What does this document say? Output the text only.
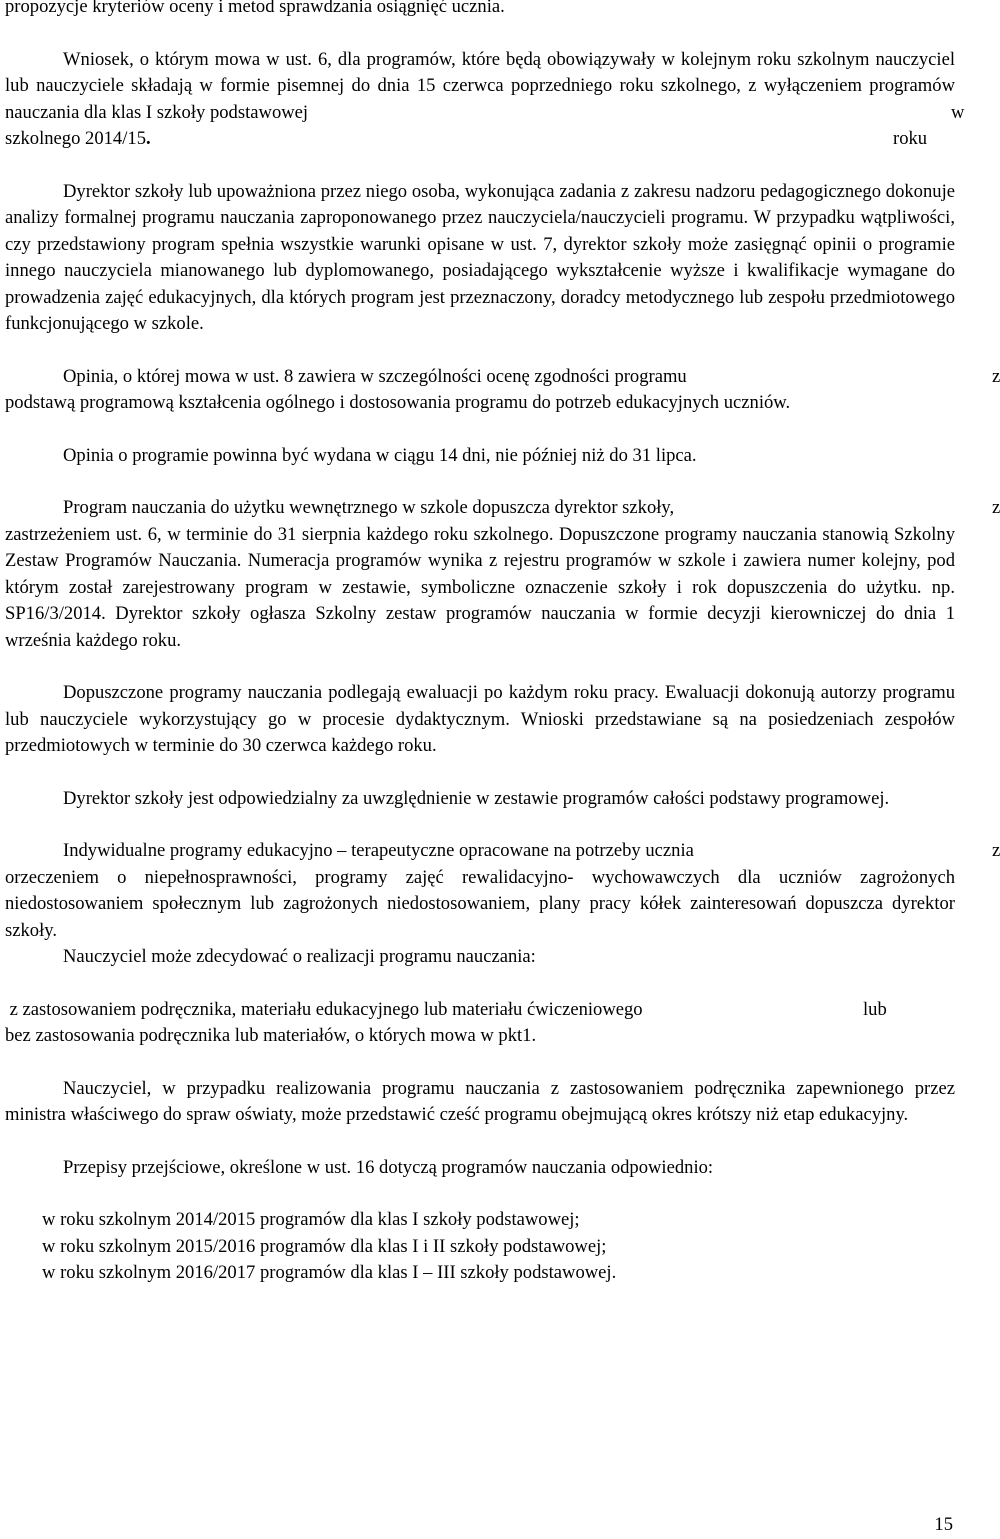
propozycje kryteriów oceny i metod sprawdzania osiągnięć ucznia.

Wniosek, o którym mowa w ust. 6, dla programów, które będą obowiązywały w kolejnym roku szkolnym nauczyciel lub nauczyciele składają w formie pisemnej do dnia 15 czerwca poprzedniego roku szkolnego, z wyłączeniem programów nauczania dla klas I szkoły podstawowej	w roku

szkolnego 2014/15.

Dyrektor szkoły lub upoważniona przez niego osoba, wykonująca zadania z zakresu nadzoru pedagogicznego dokonuje analizy formalnej programu nauczania zaproponowanego przez nauczyciela/nauczycieli programu. W przypadku wątpliwości, czy przedstawiony program spełnia wszystkie warunki opisane w ust. 7, dyrektor szkoły może zasięgnąć opinii o programie innego nauczyciela mianowanego lub dyplomowanego, posiadającego wykształcenie wyższe i kwalifikacje wymagane do prowadzenia zajęć edukacyjnych, dla których program jest przeznaczony, doradcy metodycznego lub zespołu przedmiotowego funkcjonującego w szkole.

Opinia, o której mowa w ust. 8 zawiera w szczególności ocenę zgodności programu	z

podstawą programową kształcenia ogólnego i dostosowania programu do potrzeb edukacyjnych uczniów.

Opinia o programie powinna być wydana w ciągu 14 dni, nie później niż do 31 lipca.

Program nauczania do użytku wewnętrznego w szkole dopuszcza dyrektor szkoły,	z

zastrzeżeniem ust. 6, w terminie do 31 sierpnia każdego roku szkolnego. Dopuszczone programy nauczania stanowią Szkolny Zestaw Programów Nauczania. Numeracja programów wynika z rejestru programów w szkole i zawiera numer kolejny, pod którym został zarejestrowany program w zestawie, symboliczne oznaczenie szkoły i rok dopuszczenia do użytku. np. SP16/3/2014. Dyrektor szkoły ogłasza Szkolny zestaw programów nauczania w formie decyzji kierowniczej do dnia 1 września każdego roku.

Dopuszczone programy nauczania podlegają ewaluacji po każdym roku pracy. Ewaluacji dokonują autorzy programu lub nauczyciele wykorzystujący go w procesie dydaktycznym. Wnioski przedstawiane są na posiedzeniach zespołów przedmiotowych w terminie do 30 czerwca każdego roku.

Dyrektor szkoły jest odpowiedzialny za uwzględnienie w zestawie programów całości podstawy programowej.

Indywidualne programy edukacyjno – terapeutyczne opracowane na potrzeby ucznia	z

orzeczeniem o niepełnosprawności, programy zajęć rewalidacyjno- wychowawczych dla uczniów zagrożonych niedostosowaniem społecznym lub zagrożonych niedostosowaniem, plany pracy kółek zainteresowań dopuszcza dyrektor szkoły.

Nauczyciel może zdecydować o realizacji programu nauczania:

z zastosowaniem podręcznika, materiału edukacyjnego lub materiału ćwiczeniowego	lub
bez zastosowania podręcznika lub materiałów, o których mowa w pkt1.

Nauczyciel, w przypadku realizowania programu nauczania z zastosowaniem podręcznika zapewnionego przez ministra właściwego do spraw oświaty, może przedstawić cześć programu obejmującą okres krótszy niż etap edukacyjny.

Przepisy przejściowe, określone w ust. 16 dotyczą programów nauczania odpowiednio:

w roku szkolnym 2014/2015 programów dla klas I szkoły podstawowej;
w roku szkolnym 2015/2016 programów dla klas I i II szkoły podstawowej;
w roku szkolnym 2016/2017 programów dla klas I – III szkoły podstawowej.
15
